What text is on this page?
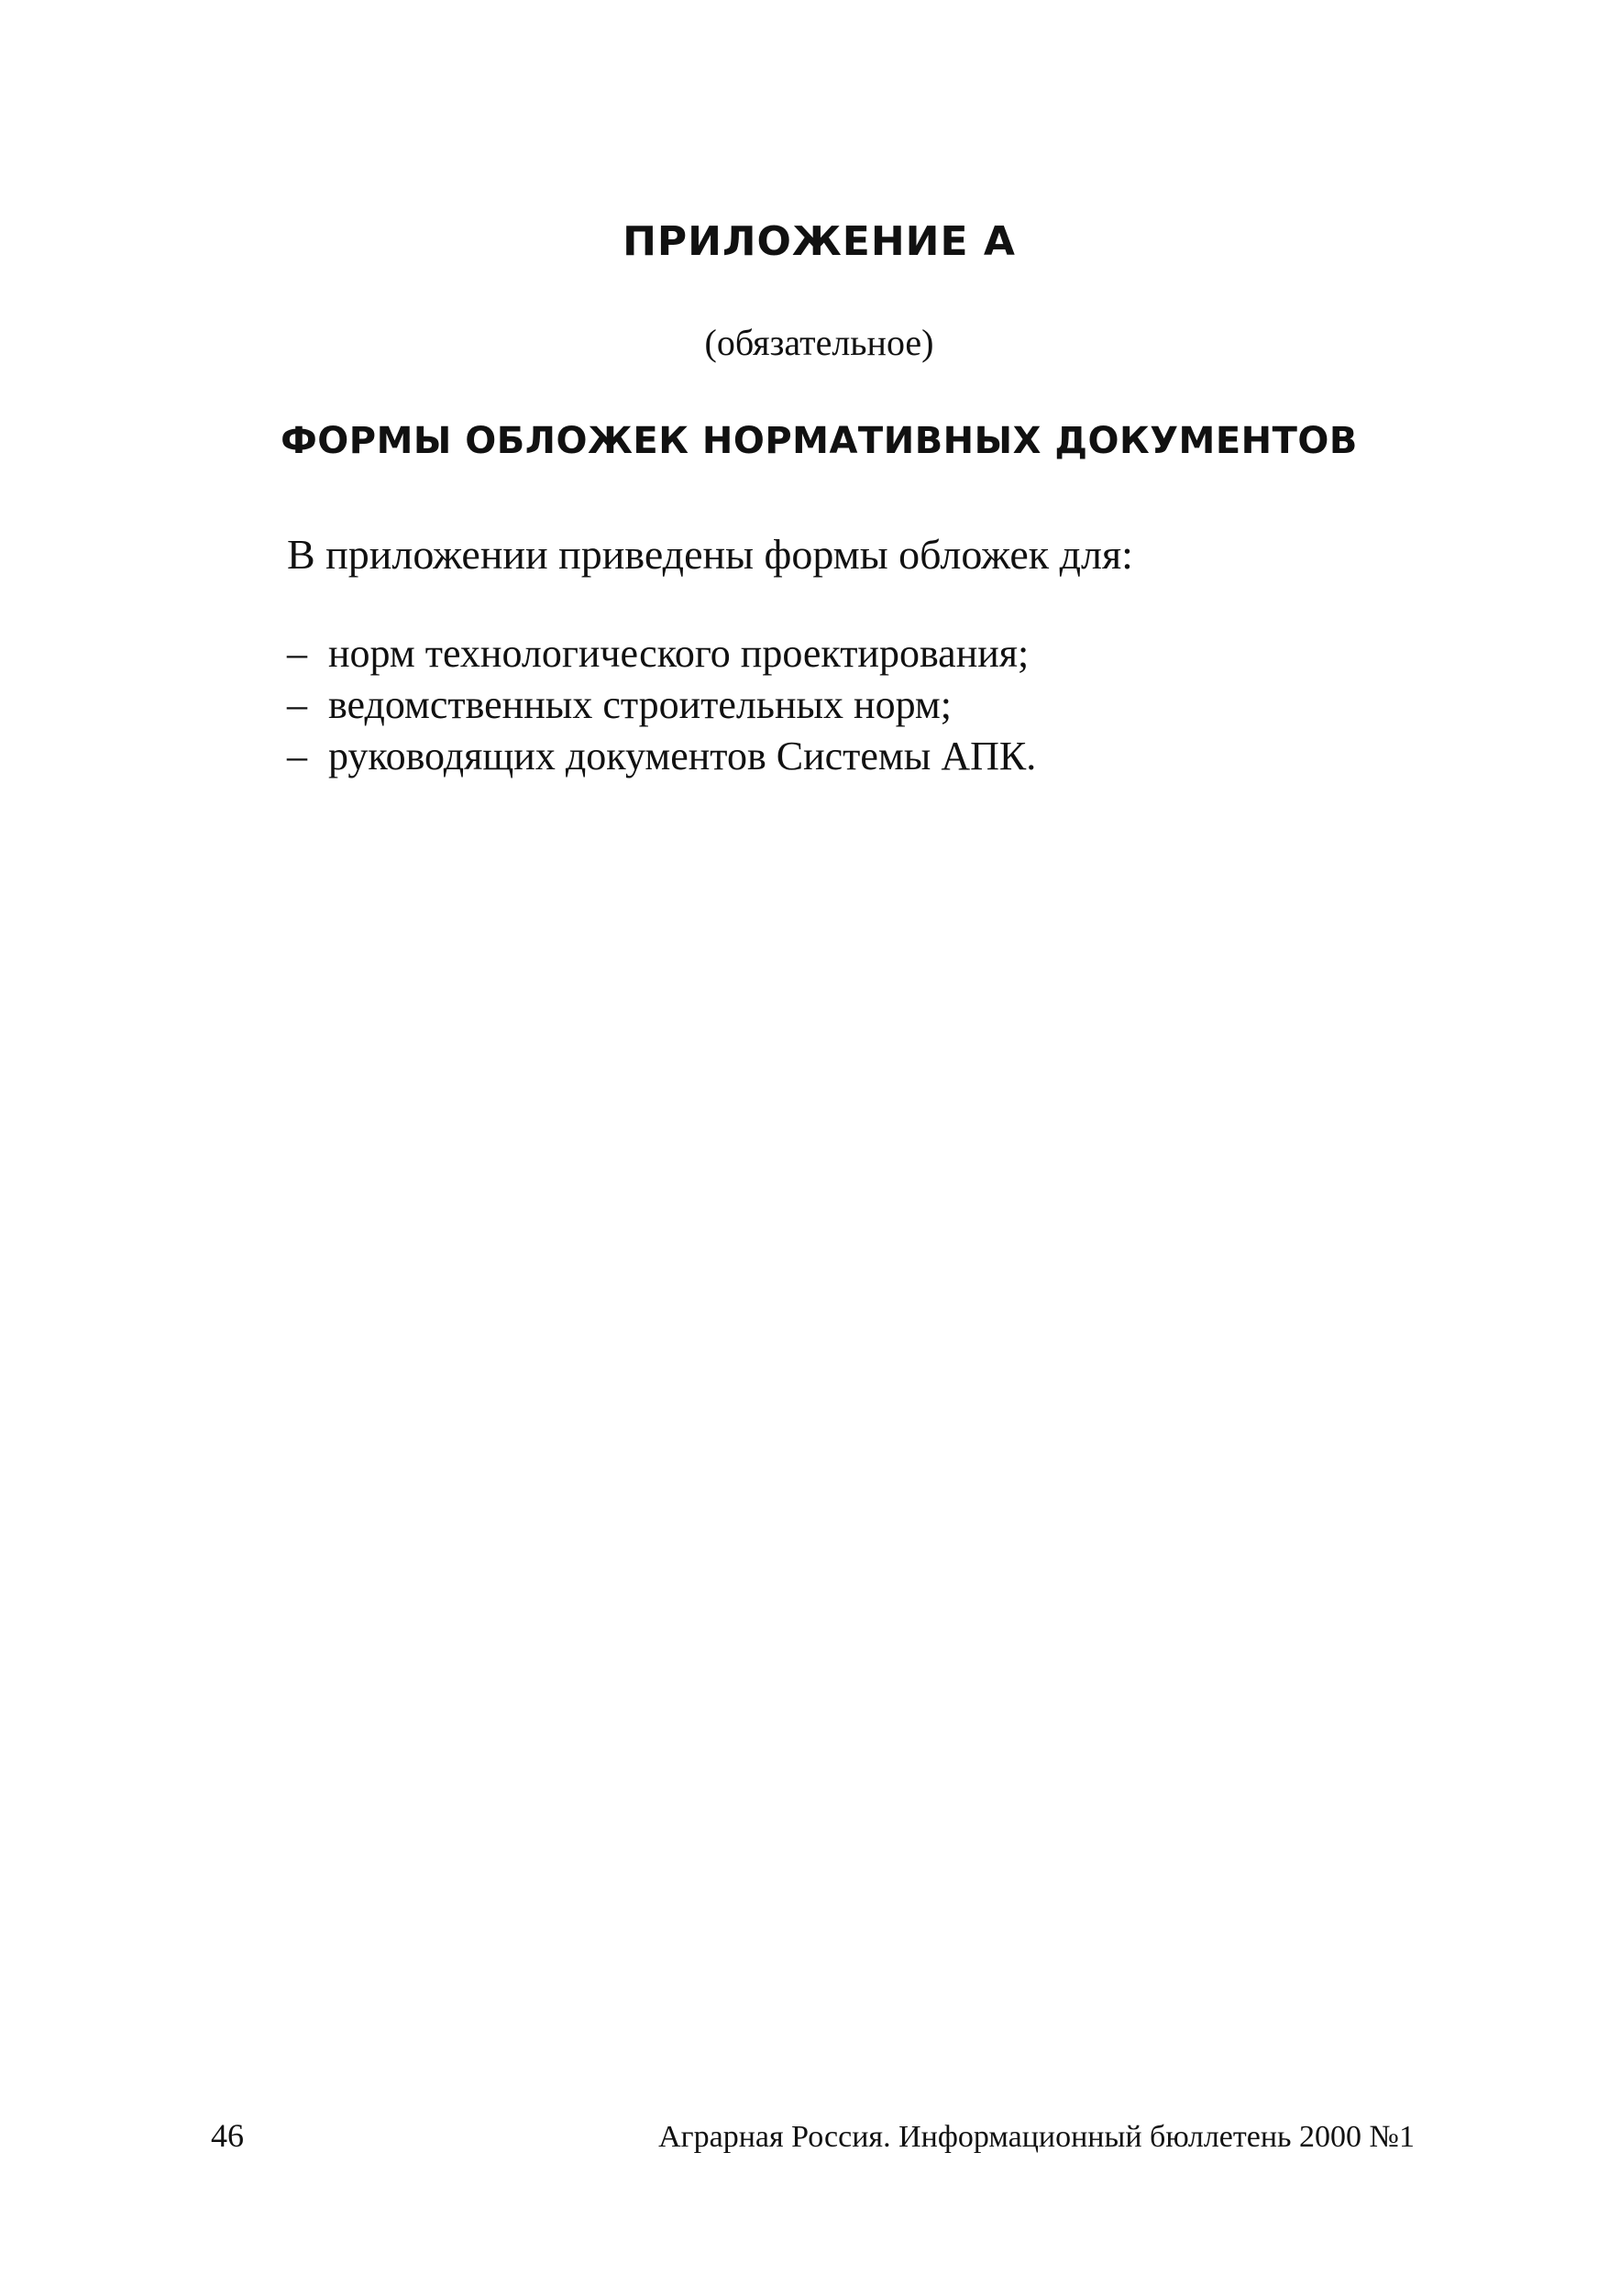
ПРИЛОЖЕНИЕ А
(обязательное)
ФОРМЫ ОБЛОЖЕК НОРМАТИВНЫХ ДОКУМЕНТОВ
В приложении приведены формы обложек для:
– норм технологического проектирования;
– ведомственных строительных норм;
– руководящих документов Системы АПК.
46	Аграрная Россия. Информационный бюллетень 2000 №1
